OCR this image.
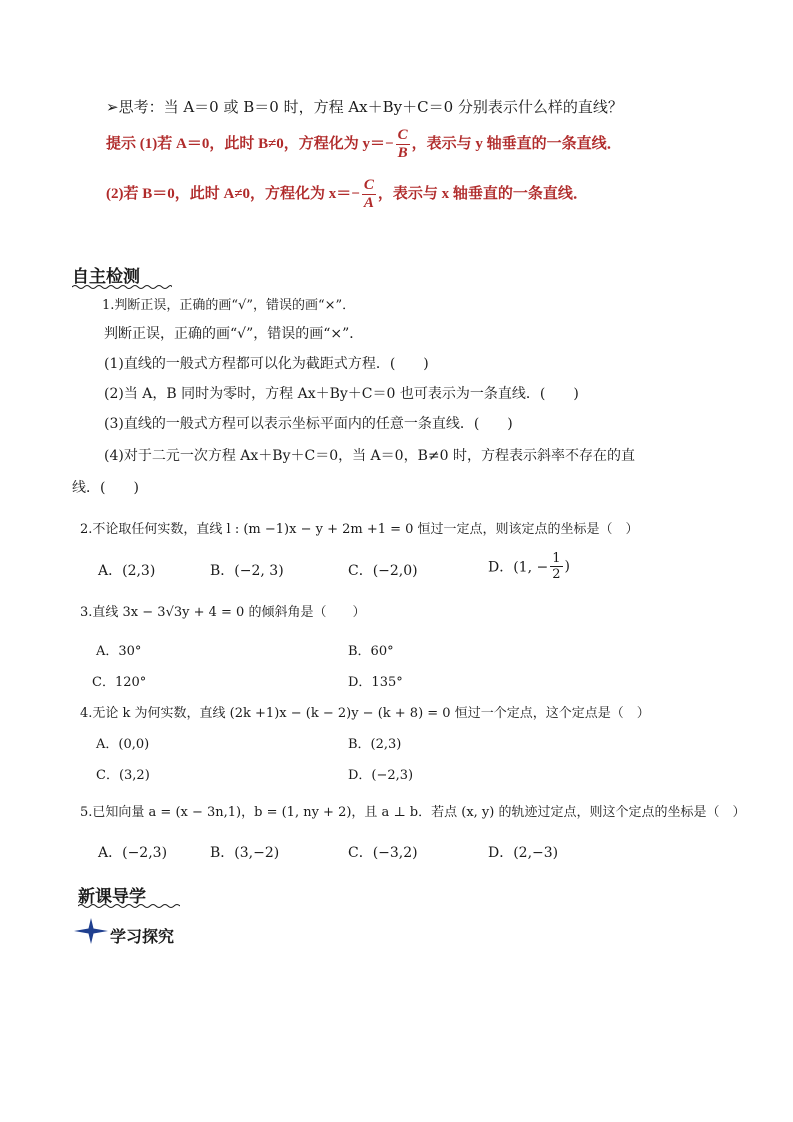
➢思考：当 A＝0 或 B＝0 时，方程 Ax＋By＋C＝0 分别表示什么样的直线？
提示 (1)若 A＝0，此时 B≠0，方程化为 $y=- \frac{C}{B}$ ，表示与 y 轴垂直的一条直线．
(2)若 B＝0，此时 A≠0，方程化为 $x=- \frac{C}{A}$ ，表示与 x 轴垂直的一条直线．
自主检测
1.判断正误，正确的画“√”，错误的画“×”．
判断正误，正确的画“√”，错误的画“×”．
(1)直线的一般式方程都可以化为截距式方程．(　　)
(2)当 A，B 同时为零时，方程 Ax＋By＋C＝0 也可表示为一条直线．(　　)
(3)直线的一般式方程可以表示坐标平面内的任意一条直线．(　　)
(4)对于二元一次方程 Ax＋By＋C＝0，当 A＝0，B≠0 时，方程表示斜率不存在的直
线．(　　)
2.不论取任何实数，直线 l : (m −1)x − y + 2m +1 = 0 恒过一定点，则该定点的坐标是（　）
A．(2,3)	B．(−2, 3)	C．(−2,0)	D．(1, − $\frac{1}{2}$ )
3.直线 3x − 3√3y + 4 = 0 的倾斜角是（　　）
A．30°	B．60°
C．120°	D．135°
4.无论 k 为何实数，直线 (2k +1)x − (k − 2)y − (k + 8) = 0 恒过一个定点，这个定点是（　）
A．(0,0)	B．(2,3)
C．(3,2)	D．(−2,3)
5.已知向量 a = (x − 3n,1)，b = (1, ny + 2)，且 a ⊥ b．若点 (x, y) 的轨迹过定点，则这个定点的坐标是（　）
A．(−2,3)	B．(3,−2)	C．(−3,2)	D．(2,−3)
新课导学
学习探究
